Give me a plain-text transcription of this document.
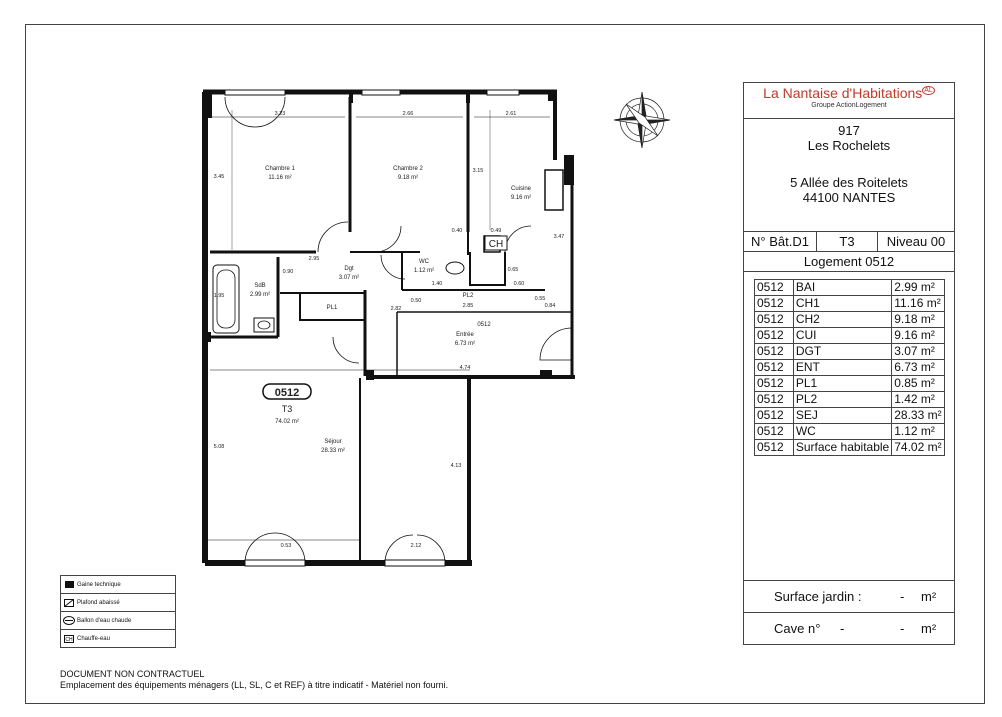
Chambre 1
11.16 m²
Chambre 2
9.18 m²
Cuisine
9.16 m²
SdB
2.99 m²
Dgt
3.07 m²
WC
1.12 m²
PL1
PL2
0512
Entrée
6.73 m²
Séjour
28.33 m²
CH
0512
T3
74.02 m²
3.23	2.66	2.61
3.45
3.15
3.47
0.40	0.49
2.95
0.90
1.95
2.82
0.50
1.40
2.85
0.65
0.60
0.55
0.84
4.74
5.08
4.13
0.53	2.12
La Nantaise d'Habitations $^{AL}$
Groupe ActionLogement
917
Les Rochelets
5 Allée des Roitelets
44100 NANTES
N° Bât.D1	T3	Niveau 00
Logement 0512
0512	BAI	2.99 m²
0512	CH1	11.16 m²
0512	CH2	9.18 m²
0512	CUI	9.16 m²
0512	DGT	3.07 m²
0512	ENT	6.73 m²
0512	PL1	0.85 m²
0512	PL2	1.42 m²
0512	SEJ	28.33 m²
0512	WC	1.12 m²
0512	Surface habitable	74.02 m²
Surface jardin :	- m²
Cave n° -	- m²
Gaine technique
Plafond abaissé
Ballon d'eau chaude
CH Chauffe-eau
DOCUMENT NON CONTRACTUEL
Emplacement des équipements ménagers (LL, SL, C et REF) à titre indicatif - Matériel non fourni.
